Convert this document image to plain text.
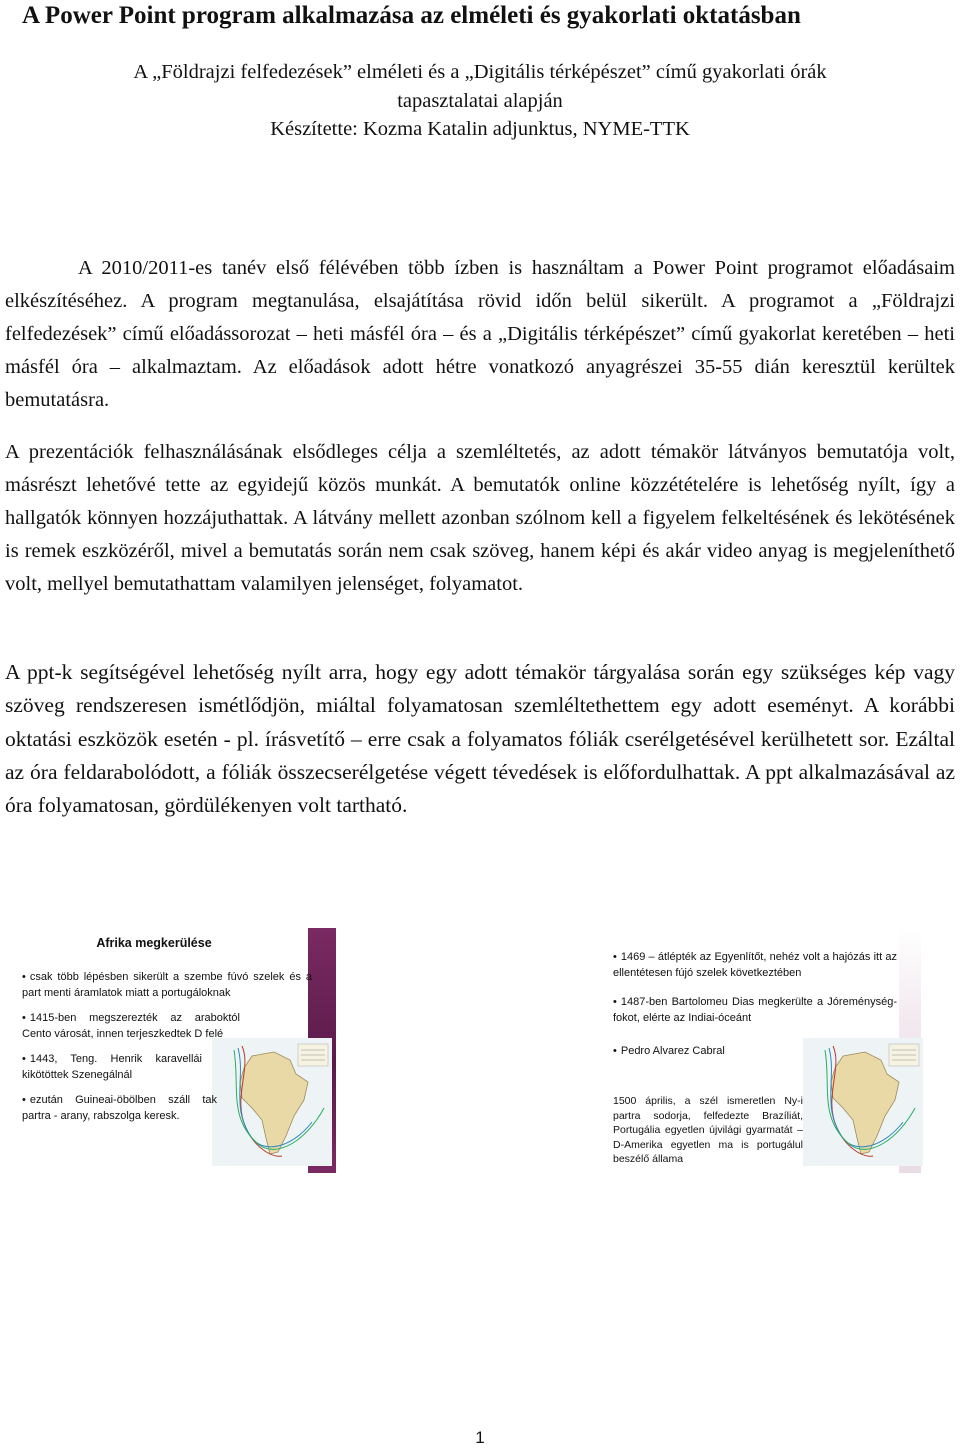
A Power Point program alkalmazása az elméleti és gyakorlati oktatásban
A „Földrajzi felfedezések” elméleti és a „Digitális térképészet” című gyakorlati órák
tapasztalatai alapján
Készítette: Kozma Katalin adjunktus, NYME-TTK
A 2010/2011-es tanév első félévében több ízben is használtam a Power Point programot előadásaim elkészítéséhez. A program megtanulása, elsajátítása rövid időn belül sikerült. A programot a „Földrajzi felfedezések” című előadássorozat – heti másfél óra – és a „Digitális térképészet” című gyakorlat keretében – heti másfél óra – alkalmaztam. Az előadások adott hétre vonatkozó anyagrészei 35-55 dián keresztül kerültek bemutatásra.
A prezentációk felhasználásának elsődleges célja a szemléltetés, az adott témakör látványos bemutatója volt, másrészt lehetővé tette az egyidejű közös munkát. A bemutatók online közzétételére is lehetőség nyílt, így a hallgatók könnyen hozzájuthattak. A látvány mellett azonban szólnom kell a figyelem felkeltésének és lekötésének is remek eszközéről, mivel a bemutatás során nem csak szöveg, hanem képi és akár video anyag is megjeleníthető volt, mellyel bemutathattam valamilyen jelenséget, folyamatot.
A ppt-k segítségével lehetőség nyílt arra, hogy egy adott témakör tárgyalása során egy szükséges kép vagy szöveg rendszeresen ismétlődjön, miáltal folyamatosan szemléltethettem egy adott eseményt. A korábbi oktatási eszközök esetén - pl. írásvetítő – erre csak a folyamatos fóliák cserélgetésével kerülhetett sor. Ezáltal az óra feldarabolódott, a fóliák összecserélgetése végett tévedések is előfordulhattak. A ppt alkalmazásával az óra folyamatosan, gördülékenyen volt tartható.
Afrika megkerülése
• csak több lépésben sikerült a szembe fúvó szelek és a part menti áramlatok miatt a portugáloknak
• 1415-ben megszerezték az araboktól Cento városát, innen terjeszkedtek D felé
• 1443, Teng. Henrik karavellái kikötöttek Szenegálnál
• ezután Guineai-öbölben száll tak partra - arany, rabszolga keresk.
• 1469 – átlépték az Egyenlítőt, nehéz volt a hajózás itt az ellentétesen fújó szelek következtében
• 1487-ben Bartolomeu Dias megkerülte a Jóreménység-fokot, elérte az Indiai-óceánt
• Pedro Alvarez Cabral
1500 április, a szél ismeretlen Ny-i partra sodorja, felfedezte Brazíliát, Portugália egyetlen újvilági gyarmatát – D-Amerika egyetlen ma is portugálul beszélő állama
1
